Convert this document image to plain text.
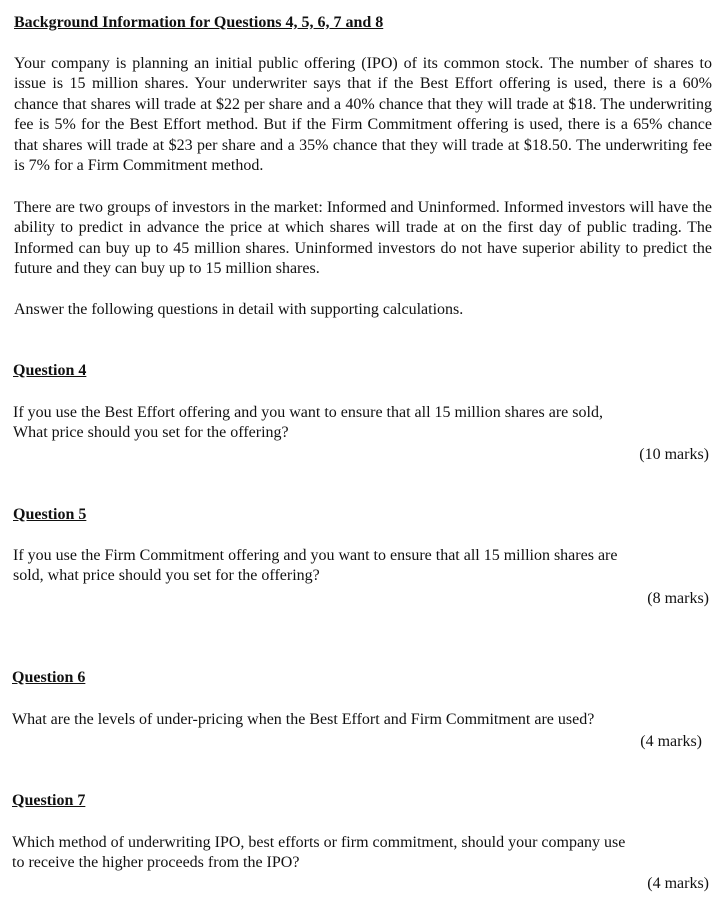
Background Information for Questions 4, 5, 6, 7 and 8

Your company is planning an initial public offering (IPO) of its common stock. The number of shares to issue is 15 million shares. Your underwriter says that if the Best Effort offering is used, there is a 60% chance that shares will trade at $22 per share and a 40% chance that they will trade at $18. The underwriting fee is 5% for the Best Effort method. But if the Firm Commitment offering is used, there is a 65% chance that shares will trade at $23 per share and a 35% chance that they will trade at $18.50. The underwriting fee is 7% for a Firm Commitment method.

There are two groups of investors in the market: Informed and Uninformed. Informed investors will have the ability to predict in advance the price at which shares will trade at on the first day of public trading. The Informed can buy up to 45 million shares. Uninformed investors do not have superior ability to predict the future and they can buy up to 15 million shares.

Answer the following questions in detail with supporting calculations.

Question 4
If you use the Best Effort offering and you want to ensure that all 15 million shares are sold,
What price should you set for the offering?
(10 marks)
Question 5
If you use the Firm Commitment offering and you want to ensure that all 15 million shares are
sold, what price should you set for the offering?
(8 marks)
Question 6
What are the levels of under-pricing when the Best Effort and Firm Commitment are used?
(4 marks)
Question 7
Which method of underwriting IPO, best efforts or firm commitment, should your company use
to receive the higher proceeds from the IPO?
(4 marks)
